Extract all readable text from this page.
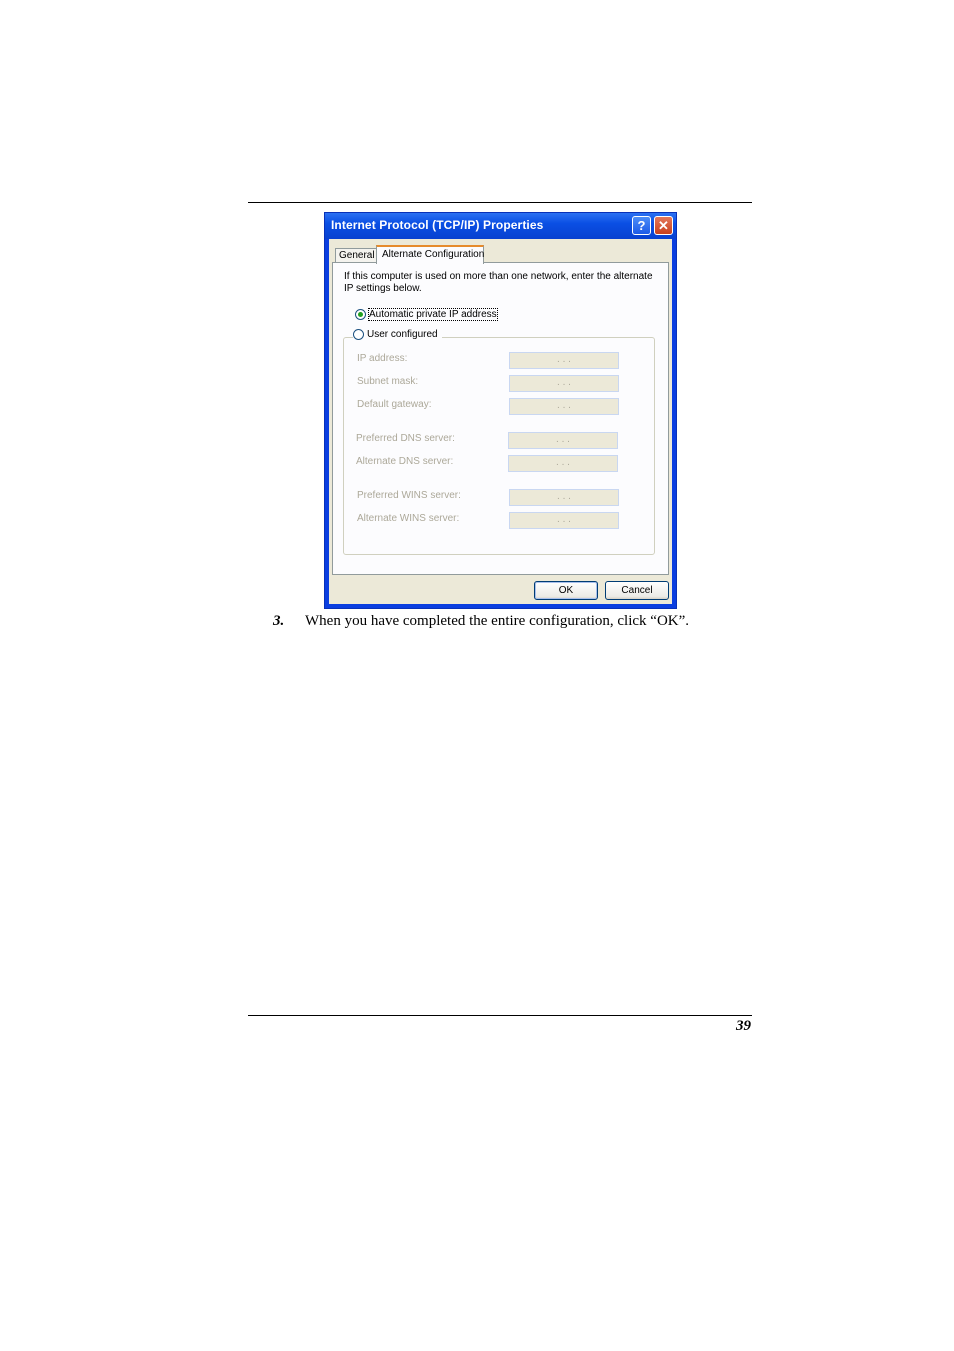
Internet Protocol (TCP/IP) Properties	? ✕
General Alternate Configuration
If this computer is used on more than one network, enter the alternate IP settings below.
Automatic private IP address
User configured
IP address:	. . .
Subnet mask:	. . .
Default gateway:	. . .
Preferred DNS server:	. . .
Alternate DNS server:	. . .
Preferred WINS server:	. . .
Alternate WINS server:	. . .
OK	Cancel
3. When you have completed the entire configuration, click “OK”.
39
